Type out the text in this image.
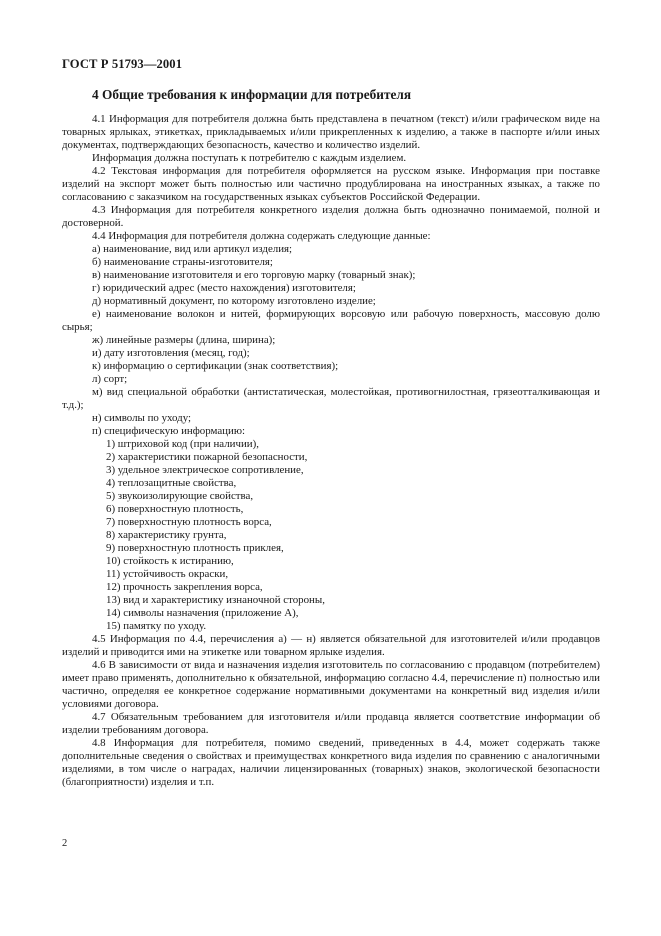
ГОСТ Р 51793—2001
4 Общие требования к информации для потребителя

4.1 Информация для потребителя должна быть представлена в печатном (текст) и/или графическом виде на товарных ярлыках, этикетках, прикладываемых и/или прикрепленных к изделию, а также в паспорте и/или иных документах, подтверждающих безопасность, качество и количество изделий.

Информация должна поступать к потребителю с каждым изделием.

4.2 Текстовая информация для потребителя оформляется на русском языке. Информация при поставке изделий на экспорт может быть полностью или частично продублирована на иностранных языках, а также по согласованию с заказчиком на государственных языках субъектов Российской Федерации.

4.3 Информация для потребителя конкретного изделия должна быть однозначно понимаемой, полной и достоверной.

4.4 Информация для потребителя должна содержать следующие данные:

а) наименование, вид или артикул изделия;

б) наименование страны-изготовителя;

в) наименование изготовителя и его торговую марку (товарный знак);

г) юридический адрес (место нахождения) изготовителя;

д) нормативный документ, по которому изготовлено изделие;

е) наименование волокон и нитей, формирующих ворсовую или рабочую поверхность, массовую долю сырья;

ж) линейные размеры (длина, ширина);

и) дату изготовления (месяц, год);

к) информацию о сертификации (знак соответствия);

л) сорт;

м) вид специальной обработки (антистатическая, молестойкая, противогнилостная, грязеотталкивающая и т.д.);

н) символы по уходу;

п) специфическую информацию:

1) штриховой код (при наличии),

2) характеристики пожарной безопасности,

3) удельное электрическое сопротивление,

4) теплозащитные свойства,

5) звукоизолирующие свойства,

6) поверхностную плотность,

7) поверхностную плотность ворса,

8) характеристику грунта,

9) поверхностную плотность приклея,

10) стойкость к истиранию,

11) устойчивость окраски,

12) прочность закрепления ворса,

13) вид и характеристику изнаночной стороны,

14) символы назначения (приложение А),

15) памятку по уходу.

4.5 Информация по 4.4, перечисления а) — н) является обязательной для изготовителей и/или продавцов изделий и приводится ими на этикетке или товарном ярлыке изделия.

4.6 В зависимости от вида и назначения изделия изготовитель по согласованию с продавцом (потребителем) имеет право применять, дополнительно к обязательной, информацию согласно 4.4, перечисление п) полностью или частично, определяя ее конкретное содержание нормативными документами на конкретный вид изделия и/или условиями договора.

4.7 Обязательным требованием для изготовителя и/или продавца является соответствие информации об изделии требованиям договора.

4.8 Информация для потребителя, помимо сведений, приведенных в 4.4, может содержать также дополнительные сведения о свойствах и преимуществах конкретного вида изделия по сравнению с аналогичными изделиями, в том числе о наградах, наличии лицензированных (товарных) знаков, экологической безопасности (благоприятности) изделия и т.п.

2
